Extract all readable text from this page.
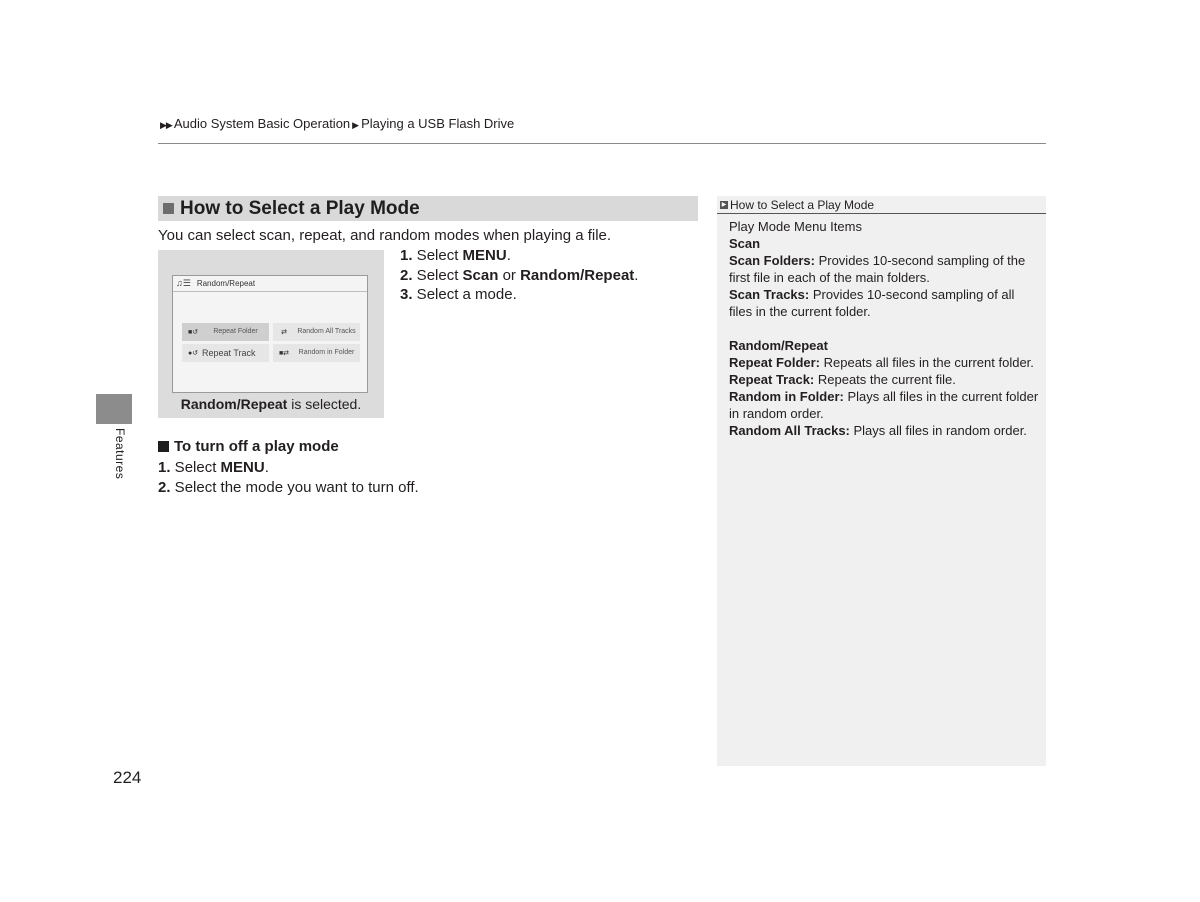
▶▶ Audio System Basic Operation ▶ Playing a USB Flash Drive
Features
How to Select a Play Mode
You can select scan, repeat, and random modes when playing a file.
♫☰ Random/Repeat
■↺	Repeat Folder	⇄	Random All Tracks
●↺ Repeat Track	■⇄	Random in Folder
Random/Repeat is selected.
1. Select MENU.
2. Select Scan or Random/Repeat.
3. Select a mode.
To turn off a play mode
1. Select MENU.
2. Select the mode you want to turn off.
▶ How to Select a Play Mode
Play Mode Menu Items
Scan
Scan Folders: Provides 10-second sampling of the first file in each of the main folders.
Scan Tracks: Provides 10-second sampling of all files in the current folder.
Random/Repeat
Repeat Folder: Repeats all files in the current folder.
Repeat Track: Repeats the current file.
Random in Folder: Plays all files in the current folder in random order.
Random All Tracks: Plays all files in random order.
224
